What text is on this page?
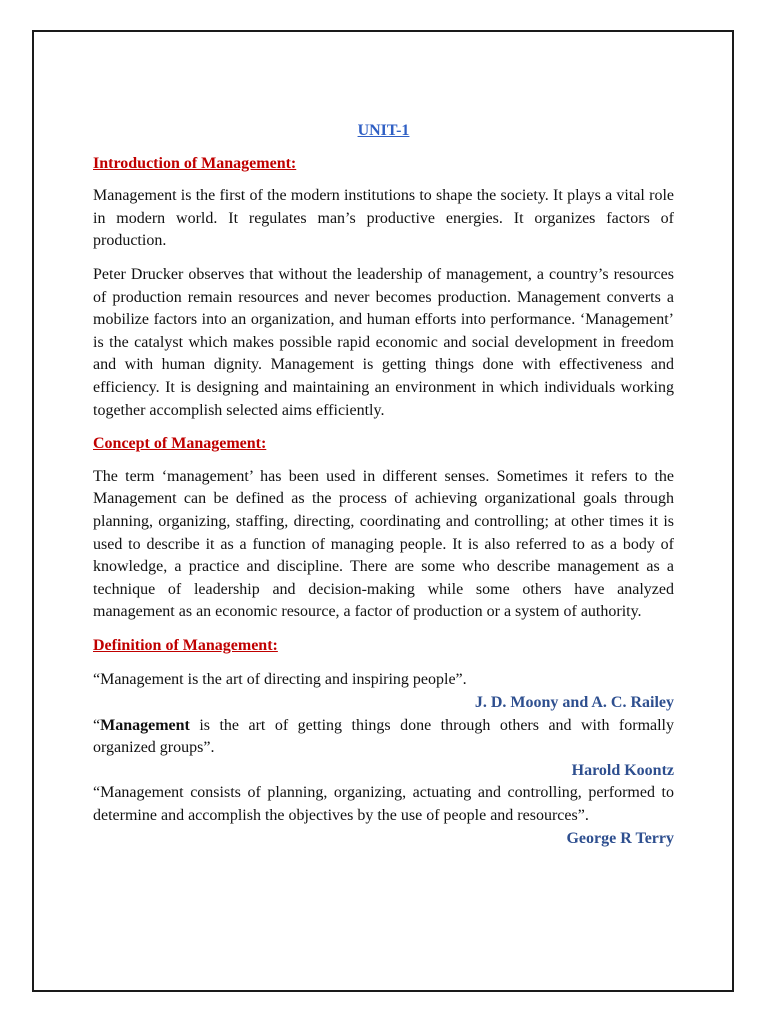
UNIT-1
Introduction of Management:
Management is the first of the modern institutions to shape the society. It plays a vital role in modern world. It regulates man’s productive energies. It organizes factors of production.
Peter Drucker observes that without the leadership of management, a country’s resources of production remain resources and never becomes production. Management converts a mobilize factors into an organization, and human efforts into performance. ‘Management’ is the catalyst which makes possible rapid economic and social development in freedom and with human dignity. Management is getting things done with effectiveness and efficiency. It is designing and maintaining an environment in which individuals working together accomplish selected aims efficiently.
Concept of Management:
The term ‘management’ has been used in different senses. Sometimes it refers to the Management can be defined as the process of achieving organizational goals through planning, organizing, staffing, directing, coordinating and controlling; at other times it is used to describe it as a function of managing people. It is also referred to as a body of knowledge, a practice and discipline. There are some who describe management as a technique of leadership and decision-making while some others have analyzed management as an economic resource, a factor of production or a system of authority.
Definition of Management:
“Management is the art of directing and inspiring people”.
J. D. Moony and A. C. Railey
“Management is the art of getting things done through others and with formally organized groups”.
Harold Koontz
“Management consists of planning, organizing, actuating and controlling, performed to determine and accomplish the objectives by the use of people and resources”.
George R Terry
